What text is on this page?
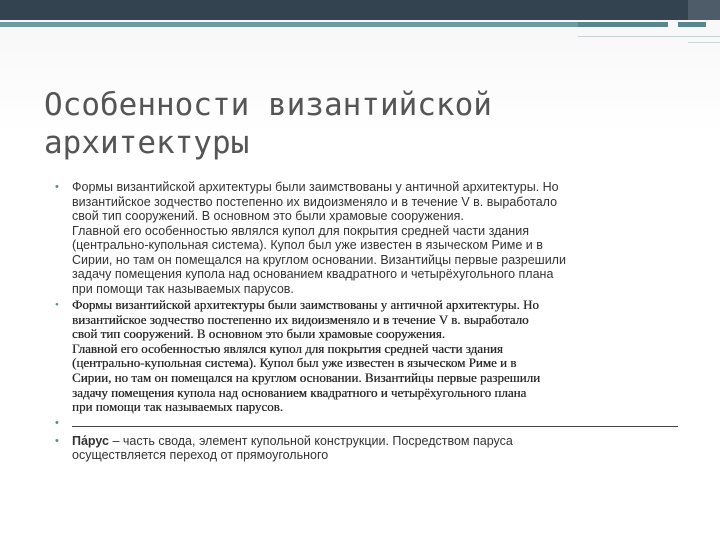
Особенности византийской
архитектуры
• Формы византийской архитектуры были заимствованы у античной архитектуры. Но
византийское зодчество постепенно их видоизменяло и в течение V в. выработало
свой тип сооружений. В основном это были храмовые сооружения.
Главной его особенностью являлся купол для покрытия средней части здания
(центрально-купольная система). Купол был уже известен в языческом Риме и в
Сирии, но там он помещался на круглом основании. Византийцы первые разрешили
задачу помещения купола над основанием квадратного и четырёхугольного плана
при помощи так называемых парусов.
• Формы византийской архитектуры были заимствованы у античной архитектуры. Но
византийское зодчество постепенно их видоизменяло и в течение V в. выработало
свой тип сооружений. В основном это были храмовые сооружения.
Главной его особенностью являлся купол для покрытия средней части здания
(центрально-купольная система). Купол был уже известен в языческом Риме и в
Сирии, но там он помещался на круглом основании. Византийцы первые разрешили
задачу помещения купола над основанием квадратного и четырёхугольного плана
при помощи так называемых парусов.
•
• Па́рус – часть свода, элемент купольной конструкции. Посредством паруса
осуществляется переход от прямоугольного
